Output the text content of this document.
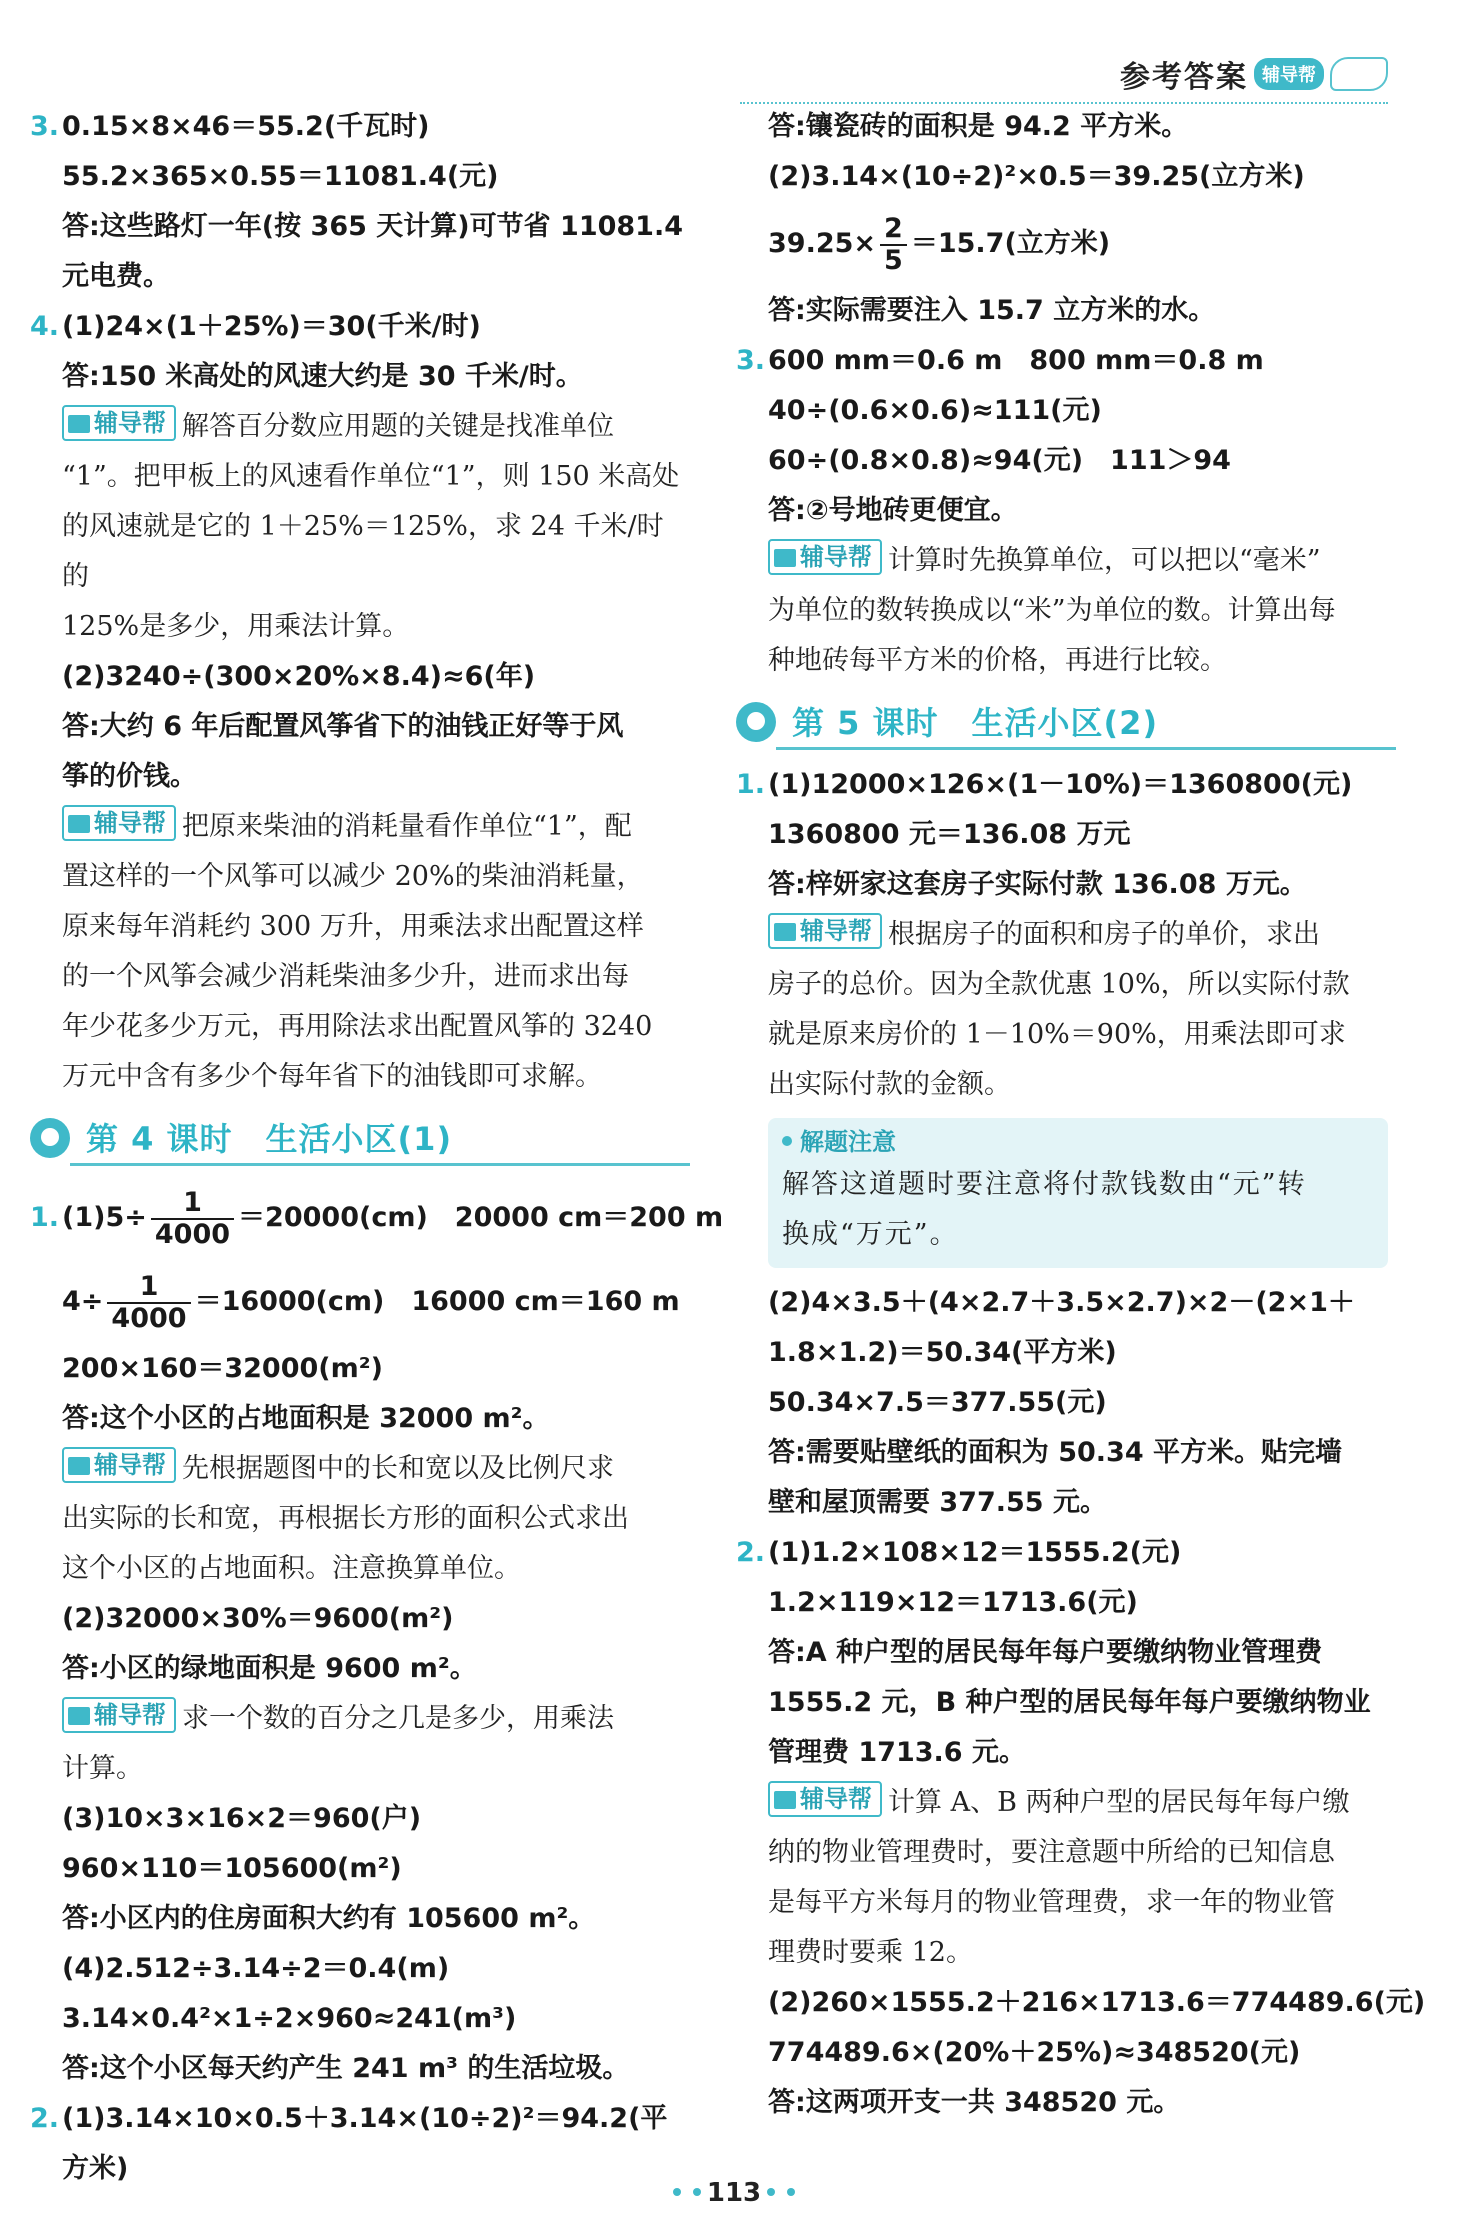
参考答案 辅导帮
3. 0.15×8×46＝55.2(千瓦时)
55.2×365×0.55＝11081.4(元)
答:这些路灯一年(按 365 天计算)可节省 11081.4
元电费。
4. (1)24×(1＋25%)＝30(千米/时)
答:150 米高处的风速大约是 30 千米/时。
辅导帮 解答百分数应用题的关键是找准单位
“1”。把甲板上的风速看作单位“1”，则 150 米高处
的风速就是它的 1＋25%＝125%，求 24 千米/时的
125%是多少，用乘法计算。
(2)3240÷(300×20%×8.4)≈6(年)
答:大约 6 年后配置风筝省下的油钱正好等于风
筝的价钱。
辅导帮 把原来柴油的消耗量看作单位“1”，配
置这样的一个风筝可以减少 20%的柴油消耗量，
原来每年消耗约 300 万升，用乘法求出配置这样
的一个风筝会减少消耗柴油多少升，进而求出每
年少花多少万元，再用除法求出配置风筝的 3240
万元中含有多少个每年省下的油钱即可求解。
第 4 课时　生活小区(1)
1. $(1)5\div \frac{1}{4000} =20000(cm)$　20000 cm＝200 m
$4\div \frac{1}{4000} =16000(cm)$　16000 cm＝160 m
200×160＝32000(m²)
答:这个小区的占地面积是 32000 m²。
辅导帮 先根据题图中的长和宽以及比例尺求
出实际的长和宽，再根据长方形的面积公式求出
这个小区的占地面积。注意换算单位。
(2)32000×30%＝9600(m²)
答:小区的绿地面积是 9600 m²。
辅导帮 求一个数的百分之几是多少，用乘法
计算。
(3)10×3×16×2＝960(户)
960×110＝105600(m²)
答:小区内的住房面积大约有 105600 m²。
(4)2.512÷3.14÷2＝0.4(m)
3.14×0.4²×1÷2×960≈241(m³)
答:这个小区每天约产生 241 m³ 的生活垃圾。
2. (1)3.14×10×0.5＋3.14×(10÷2)²＝94.2(平
方米)
答:镶瓷砖的面积是 94.2 平方米。
(2)3.14×(10÷2)²×0.5＝39.25(立方米)
$39.25\times \frac{2}{5} =15.7$(立方米)
答:实际需要注入 15.7 立方米的水。
3. 600 mm＝0.6 m　800 mm＝0.8 m
40÷(0.6×0.6)≈111(元)
60÷(0.8×0.8)≈94(元)　111＞94
答:②号地砖更便宜。
辅导帮 计算时先换算单位，可以把以“毫米”
为单位的数转换成以“米”为单位的数。计算出每
种地砖每平方米的价格，再进行比较。
第 5 课时　生活小区(2)
1. (1)12000×126×(1－10%)＝1360800(元)
1360800 元＝136.08 万元
答:梓妍家这套房子实际付款 136.08 万元。
辅导帮 根据房子的面积和房子的单价，求出
房子的总价。因为全款优惠 10%，所以实际付款
就是原来房价的 1－10%＝90%，用乘法即可求
出实际付款的金额。
解题注意
解答这道题时要注意将付款钱数由“元”转
换成“万元”。
(2)4×3.5＋(4×2.7＋3.5×2.7)×2－(2×1＋
1.8×1.2)＝50.34(平方米)
50.34×7.5＝377.55(元)
答:需要贴壁纸的面积为 50.34 平方米。贴完墙
壁和屋顶需要 377.55 元。
2. (1)1.2×108×12＝1555.2(元)
1.2×119×12＝1713.6(元)
答:A 种户型的居民每年每户要缴纳物业管理费
1555.2 元，B 种户型的居民每年每户要缴纳物业
管理费 1713.6 元。
辅导帮 计算 A、B 两种户型的居民每年每户缴
纳的物业管理费时，要注意题中所给的已知信息
是每平方米每月的物业管理费，求一年的物业管
理费时要乘 12。
(2)260×1555.2＋216×1713.6＝774489.6(元)
774489.6×(20%＋25%)≈348520(元)
答:这两项开支一共 348520 元。
113
